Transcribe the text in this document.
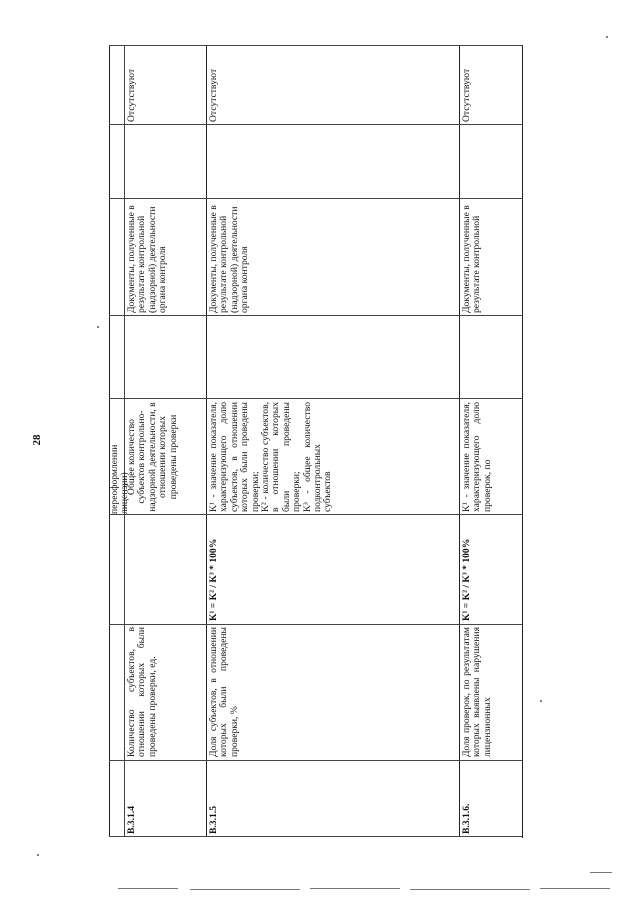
28
переоформлении лицензии)
В.3.1.4
Количество субъектов, в отношении которых были проведены проверки, ед.
Общее количество субъектов контрольно-надзорной деятельности, в отношении которых проведены проверки
Документы, полученные в результате контрольной (надзорной) деятельности органа контроля
Отсутствуют
В.3.1.5
Доля субъектов, в отношении которых были проведены проверки, %
K¹ = K² / K³ * 100%
K¹ - значение показателя, характеризующего долю субъектов, в отношении которых были проведены проверки;
K² - количество субъектов, в отношении которых были проведены проверки;
K³ - общее количество подконтрольных субъектов
Документы, полученные в результате контрольной (надзорной) деятельности органа контроля
Отсутствуют
В.3.1.6.
Доля проверок, по результатам которых выявлены нарушения лицензионных
K¹ = K² / K³ * 100%
K¹ - значение показателя, характеризующего долю проверок, по
Документы, полученные в результате контрольной
Отсутствуют
